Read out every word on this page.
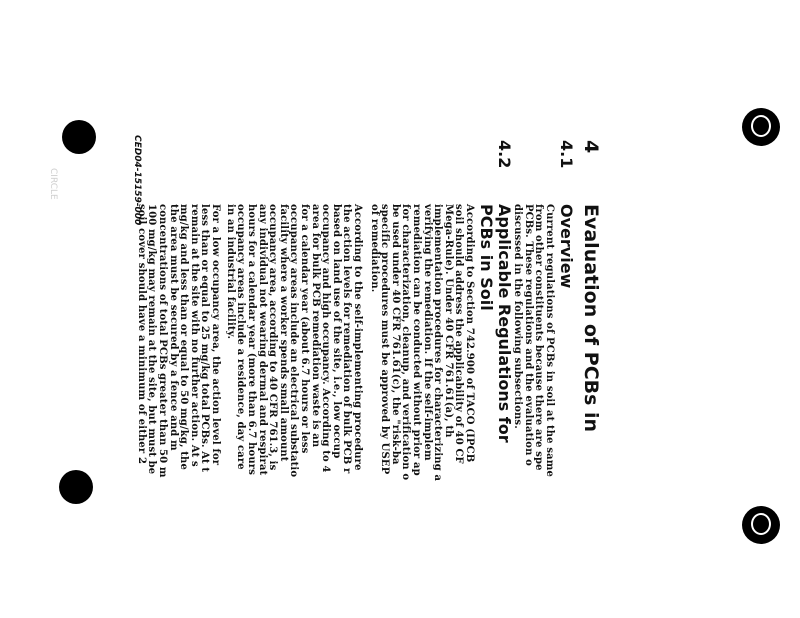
CIRCLE
4
Evaluation of PCBs in
4.1
Overview
Current regulations of PCBs in soil at the same
from other constituents because there are spe
PCBs. These regulations and the evaluation o
discussed in the following subsections.
4.2
Applicable Regulations for
PCBs in Soil
According to Section 742.900 of TACO (IPCB
soil should address the applicability of 40 CF
Mega-Rule). Under 40 CFR 761.61(a), th
implementation procedures for characterizing a
verifying the remediation. If the self-implem
remediation can be conducted without prior ap
for characterization, cleanup, and verification o
be used under 40 CFR 761.61(c), the "risk-ba
specific procedures must be approved by USEP
of remediation.
According to the self-implementing procedure
the action levels for remediation of bulk PCB r
based on land use of the site, i.e., low occup
occupancy and high occupancy. According to 4
area for bulk PCB remediation waste is an
for a calendar year (about 6.7 hours or less
occupancy areas include an electrical substatio
facility where a worker spends small amount
occupancy area, according to 40 CFR 761.3, is
any individual not wearing dermal and respirat
hours for a calendar year (more than 6.7 hours
occupancy areas include a residence, day care
in an industrial facility.
For a low occupancy area, the action level for
less than or equal to 25 mg/kg total PCBs. At t
remain at the site with no further action. At s
mg/kg and less than or equal to 50 mg/kg, the
the area must be secured by a fence and m
concentrations of total PCBs greater than 50 m
100 mg/kg may remain at the site, but must be
soil cover should have a minimum of either 2
CED04-15159-000
